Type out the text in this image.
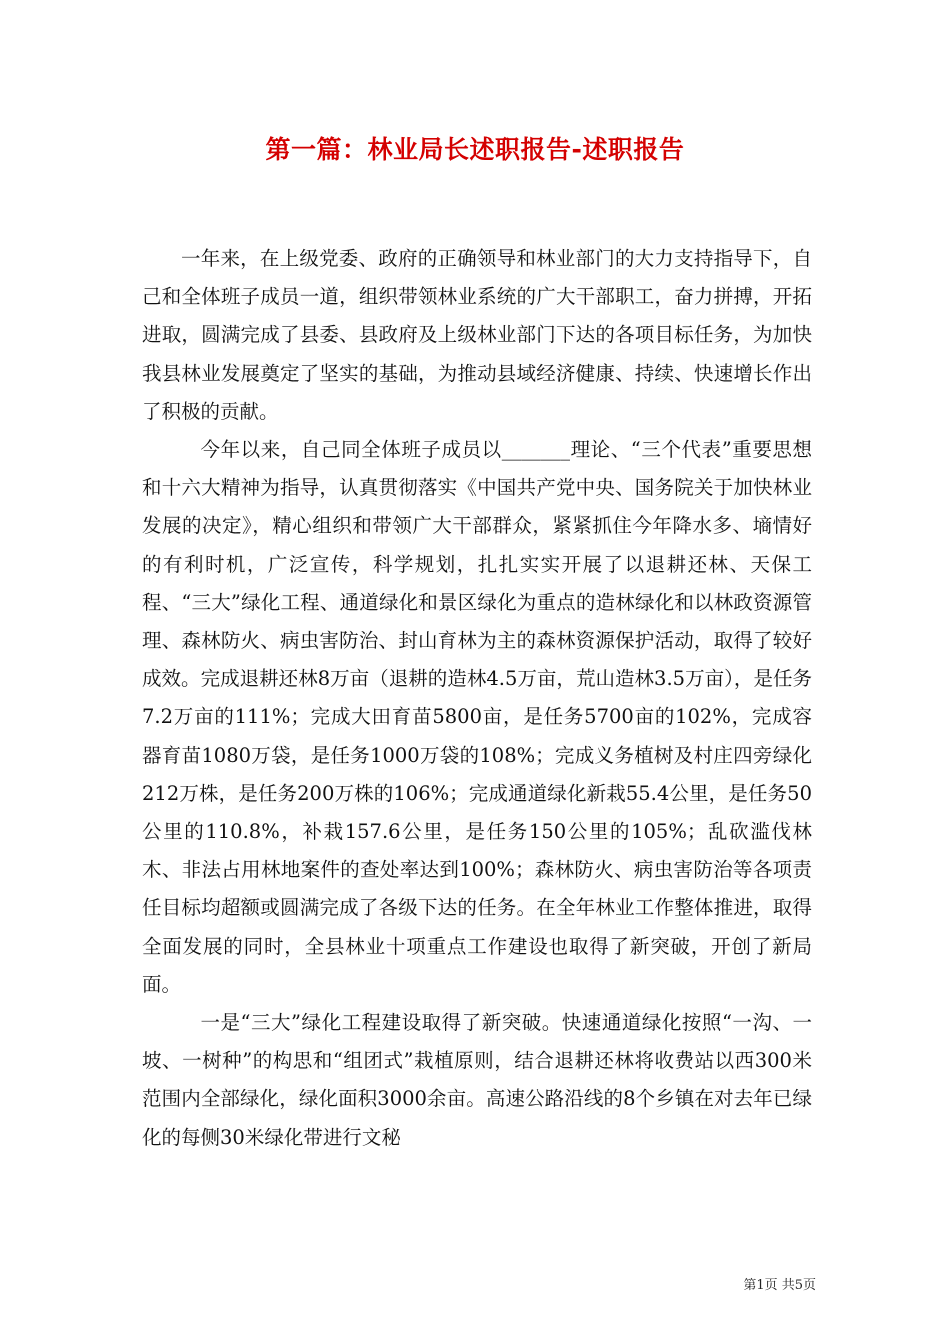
第一篇：林业局长述职报告-述职报告

一年来，在上级党委、政府的正确领导和林业部门的大力支持指导下，自己和全体班子成员一道，组织带领林业系统的广大干部职工，奋力拼搏，开拓进取，圆满完成了县委、县政府及上级林业部门下达的各项目标任务，为加快我县林业发展奠定了坚实的基础，为推动县域经济健康、持续、快速增长作出了积极的贡献。

今年以来，自己同全体班子成员以_______理论、“三个代表”重要思想和十六大精神为指导，认真贯彻落实《中国共产党中央、国务院关于加快林业发展的决定》，精心组织和带领广大干部群众，紧紧抓住今年降水多、墒情好的有利时机，广泛宣传，科学规划，扎扎实实开展了以退耕还林、天保工程、“三大”绿化工程、通道绿化和景区绿化为重点的造林绿化和以林政资源管理、森林防火、病虫害防治、封山育林为主的森林资源保护活动，取得了较好成效。完成退耕还林8万亩（退耕的造林4.5万亩，荒山造林3.5万亩），是任务7.2万亩的111%；完成大田育苗5800亩，是任务5700亩的102%，完成容器育苗1080万袋，是任务1000万袋的108%；完成义务植树及村庄四旁绿化212万株，是任务200万株的106%；完成通道绿化新栽55.4公里，是任务50公里的110.8%，补栽157.6公里，是任务150公里的105%；乱砍滥伐林木、非法占用林地案件的查处率达到100%；森林防火、病虫害防治等各项责任目标均超额或圆满完成了各级下达的任务。在全年林业工作整体推进，取得全面发展的同时，全县林业十项重点工作建设也取得了新突破，开创了新局面。

一是“三大”绿化工程建设取得了新突破。快速通道绿化按照“一沟、一坡、一树种”的构思和“组团式”栽植原则，结合退耕还林将收费站以西300米范围内全部绿化，绿化面积3000余亩。高速公路沿线的8个乡镇在对去年已绿化的每侧30米绿化带进行文秘

第1页 共5页
